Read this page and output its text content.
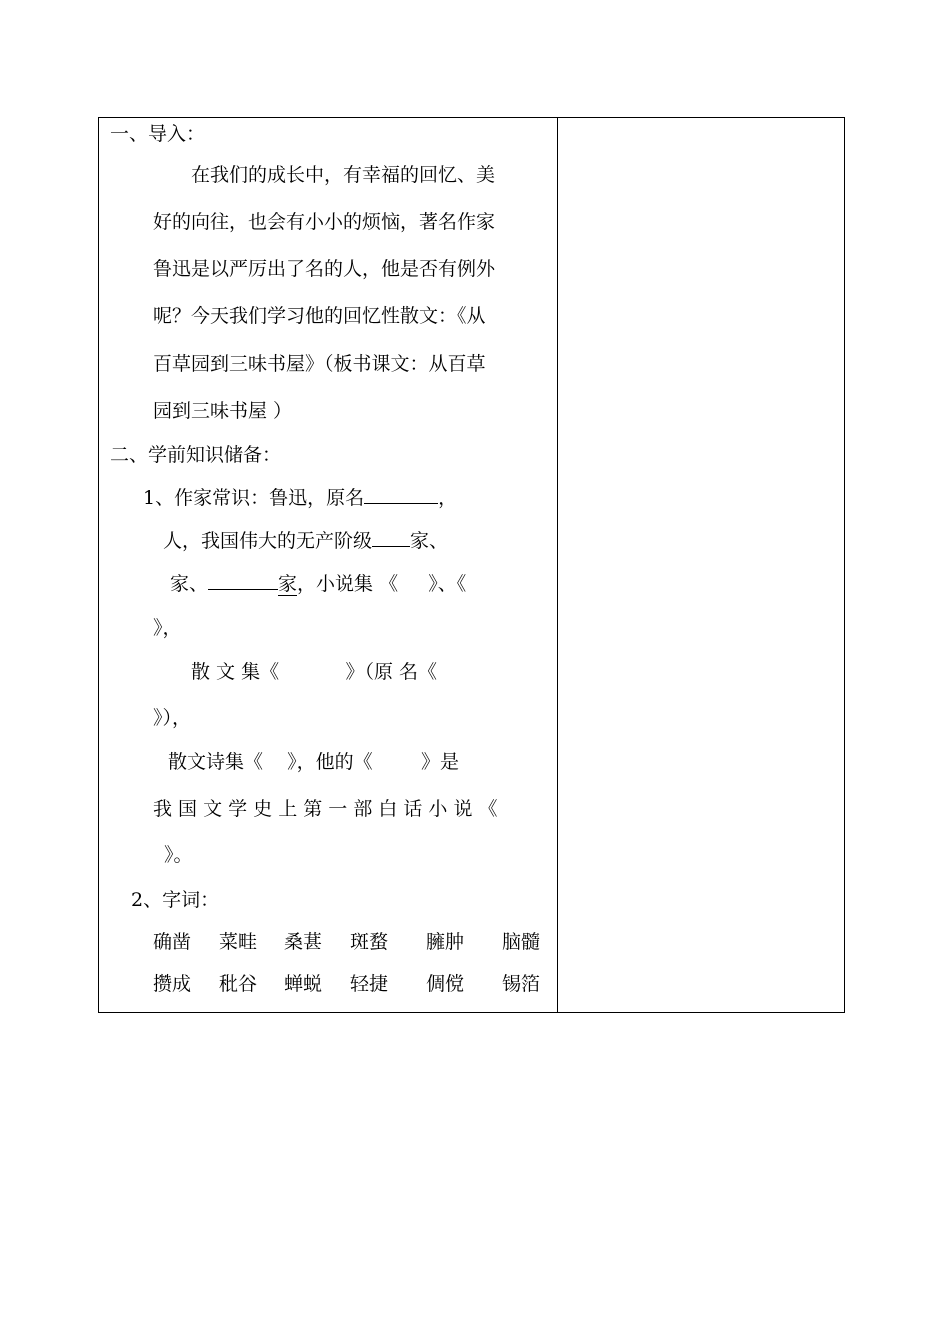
一、导入：
在我们的成长中，有幸福的回忆、美
好的向往，也会有小小的烦恼，著名作家
鲁迅是以严厉出了名的人，他是否有例外
呢？今天我们学习他的回忆性散文：《从
百草园到三味书屋》（板书课文：从百草
园到三味书屋 ）
二、学前知识储备：
1、作家常识：鲁迅，原名	，
人，我国伟大的无产阶级 家、
家、	家，小说集 《     》、《
》，
散 文 集《           》（原 名《
》），
散文诗集《    》，他的《        》是
我 国 文 学 史 上 第 一 部 白 话 小 说 《
》。
2、字词：
确凿 菜畦 桑葚 斑蝥 臃肿 脑髓
攒成 秕谷 蝉蜕 轻捷 倜傥 锡箔
